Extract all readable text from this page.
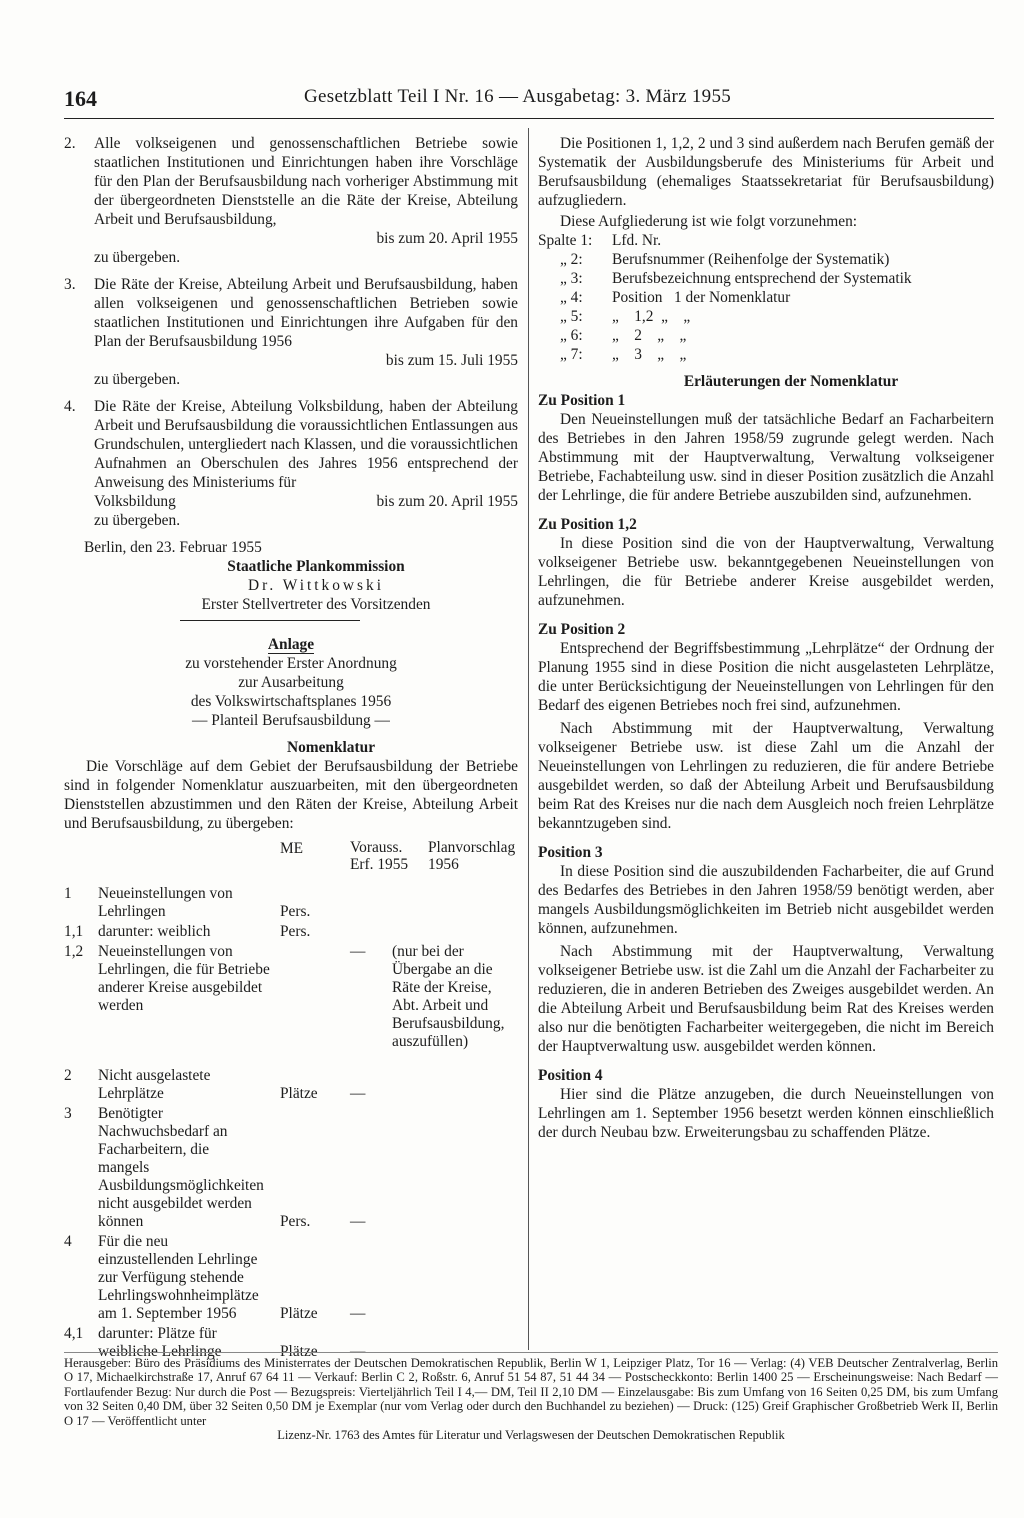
164	Gesetzblatt Teil I Nr. 16 — Ausgabetag: 3. März 1955
2.	Alle volkseigenen und genossenschaftlichen Betriebe sowie staatlichen Institutionen und Einrichtungen haben ihre Vorschläge für den Plan der Berufsausbildung nach vorheriger Abstimmung mit der übergeordneten Dienststelle an die Räte der Kreise, Abteilung Arbeit und Berufsausbildung,

bis zum 20. April 1955

zu übergeben.

3.	Die Räte der Kreise, Abteilung Arbeit und Berufsausbildung, haben allen volkseigenen und genossenschaftlichen Betrieben sowie staatlichen Institutionen und Einrichtungen ihre Aufgaben für den Plan der Berufsausbildung 1956

bis zum 15. Juli 1955

zu übergeben.

4.	Die Räte der Kreise, Abteilung Volksbildung, haben der Abteilung Arbeit und Berufsausbildung die voraussichtlichen Entlassungen aus Grundschulen, untergliedert nach Klassen, und die voraussichtlichen Aufnahmen an Oberschulen des Jahres 1956 entsprechend der Anweisung des Ministeriums für

Volksbildung	bis zum 20. April 1955

zu übergeben.

Berlin, den 23. Februar 1955

Staatliche Plankommission

Dr. Wittkowski

Erster Stellvertreter des Vorsitzenden

Anlage

zu vorstehender Erster Anordnung

zur Ausarbeitung

des Volkswirtschaftsplanes 1956

— Planteil Berufsausbildung —

Nomenklatur

Die Vorschläge auf dem Gebiet der Berufsausbildung der Betriebe sind in folgender Nomenklatur auszuarbeiten, mit den übergeordneten Dienststellen abzustimmen und den Räten der Kreise, Abteilung Arbeit und Berufsausbildung, zu übergeben:

ME	Vorauss. Erf. 1955
Planvorschlag 1956
1	Neueinstellungen von Lehrlingen	Pers.
1,1 darunter: weiblich	Pers.
1,2 Neueinstellungen von Lehrlingen, die für Betriebe anderer Kreise ausgebildet werden
—	(nur bei der Übergabe an die Räte der Kreise, Abt. Arbeit und Berufsausbildung, auszufüllen)
2	Nicht ausgelastete Lehrplätze	Plätze	—
3	Benötigter Nachwuchsbedarf an Facharbeitern, die mangels Ausbildungsmöglichkeiten nicht ausgebildet werden können	Pers.	—
4	Für die neu einzustellenden Lehrlinge zur Verfügung stehende Lehrlingswohnheimplätze am 1. September 1956	Plätze	—
4,1 darunter: Plätze für weibliche Lehrlinge	Plätze	—

Die Positionen 1, 1,2, 2 und 3 sind außerdem nach Berufen gemäß der Systematik der Ausbildungsberufe des Ministeriums für Arbeit und Berufsausbildung (ehemaliges Staatssekretariat für Berufsausbildung) aufzugliedern.

Diese Aufgliederung ist wie folgt vorzunehmen:

Spalte 1:	Lfd. Nr.
„ 2:	Berufsnummer (Reihenfolge der Systematik)
„ 3:	Berufsbezeichnung entsprechend der Systematik
„ 4:	Position   1 der Nomenklatur
„ 5:	„    1,2  „    „
„ 6:	„    2    „    „
„ 7:	„    3    „    „

Erläuterungen der Nomenklatur

Zu Position 1

Den Neueinstellungen muß der tatsächliche Bedarf an Facharbeitern des Betriebes in den Jahren 1958/59 zugrunde gelegt werden. Nach Abstimmung mit der Hauptverwaltung, Verwaltung volkseigener Betriebe, Fachabteilung usw. sind in dieser Position zusätzlich die Anzahl der Lehrlinge, die für andere Betriebe auszubilden sind, aufzunehmen.

Zu Position 1,2

In diese Position sind die von der Hauptverwaltung, Verwaltung volkseigener Betriebe usw. bekanntgegebenen Neueinstellungen von Lehrlingen, die für Betriebe anderer Kreise ausgebildet werden, aufzunehmen.

Zu Position 2

Entsprechend der Begriffsbestimmung „Lehrplätze“ der Ordnung der Planung 1955 sind in diese Position die nicht ausgelasteten Lehrplätze, die unter Berücksichtigung der Neueinstellungen von Lehrlingen für den Bedarf des eigenen Betriebes noch frei sind, aufzunehmen.

Nach Abstimmung mit der Hauptverwaltung, Verwaltung volkseigener Betriebe usw. ist diese Zahl um die Anzahl der Neueinstellungen von Lehrlingen zu reduzieren, die für andere Betriebe ausgebildet werden, so daß der Abteilung Arbeit und Berufsausbildung beim Rat des Kreises nur die nach dem Ausgleich noch freien Lehrplätze bekanntzugeben sind.

Position 3

In diese Position sind die auszubildenden Facharbeiter, die auf Grund des Bedarfes des Betriebes in den Jahren 1958/59 benötigt werden, aber mangels Ausbildungsmöglichkeiten im Betrieb nicht ausgebildet werden können, aufzunehmen.

Nach Abstimmung mit der Hauptverwaltung, Verwaltung volkseigener Betriebe usw. ist die Zahl um die Anzahl der Facharbeiter zu reduzieren, die in anderen Betrieben des Zweiges ausgebildet werden. An die Abteilung Arbeit und Berufsausbildung beim Rat des Kreises werden also nur die benötigten Facharbeiter weitergegeben, die nicht im Bereich der Hauptverwaltung usw. ausgebildet werden können.

Position 4

Hier sind die Plätze anzugeben, die durch Neueinstellungen von Lehrlingen am 1. September 1956 besetzt werden können einschließlich der durch Neubau bzw. Erweiterungsbau zu schaffenden Plätze.

Herausgeber: Büro des Präsidiums des Ministerrates der Deutschen Demokratischen Republik, Berlin W 1, Leipziger Platz, Tor 16 — Verlag: (4) VEB Deutscher Zentralverlag, Berlin O 17, Michaelkirchstraße 17, Anruf 67 64 11 — Verkauf: Berlin C 2, Roßstr. 6, Anruf 51 54 87, 51 44 34 — Postscheckkonto: Berlin 1400 25 — Erscheinungsweise: Nach Bedarf — Fortlaufender Bezug: Nur durch die Post — Bezugspreis: Vierteljährlich Teil I 4,— DM, Teil II 2,10 DM — Einzelausgabe: Bis zum Umfang von 16 Seiten 0,25 DM, bis zum Umfang von 32 Seiten 0,40 DM, über 32 Seiten 0,50 DM je Exemplar (nur vom Verlag oder durch den Buchhandel zu beziehen) — Druck: (125) Greif Graphischer Großbetrieb Werk II, Berlin O 17 — Veröffentlicht unter

Lizenz-Nr. 1763 des Amtes für Literatur und Verlagswesen der Deutschen Demokratischen Republik
